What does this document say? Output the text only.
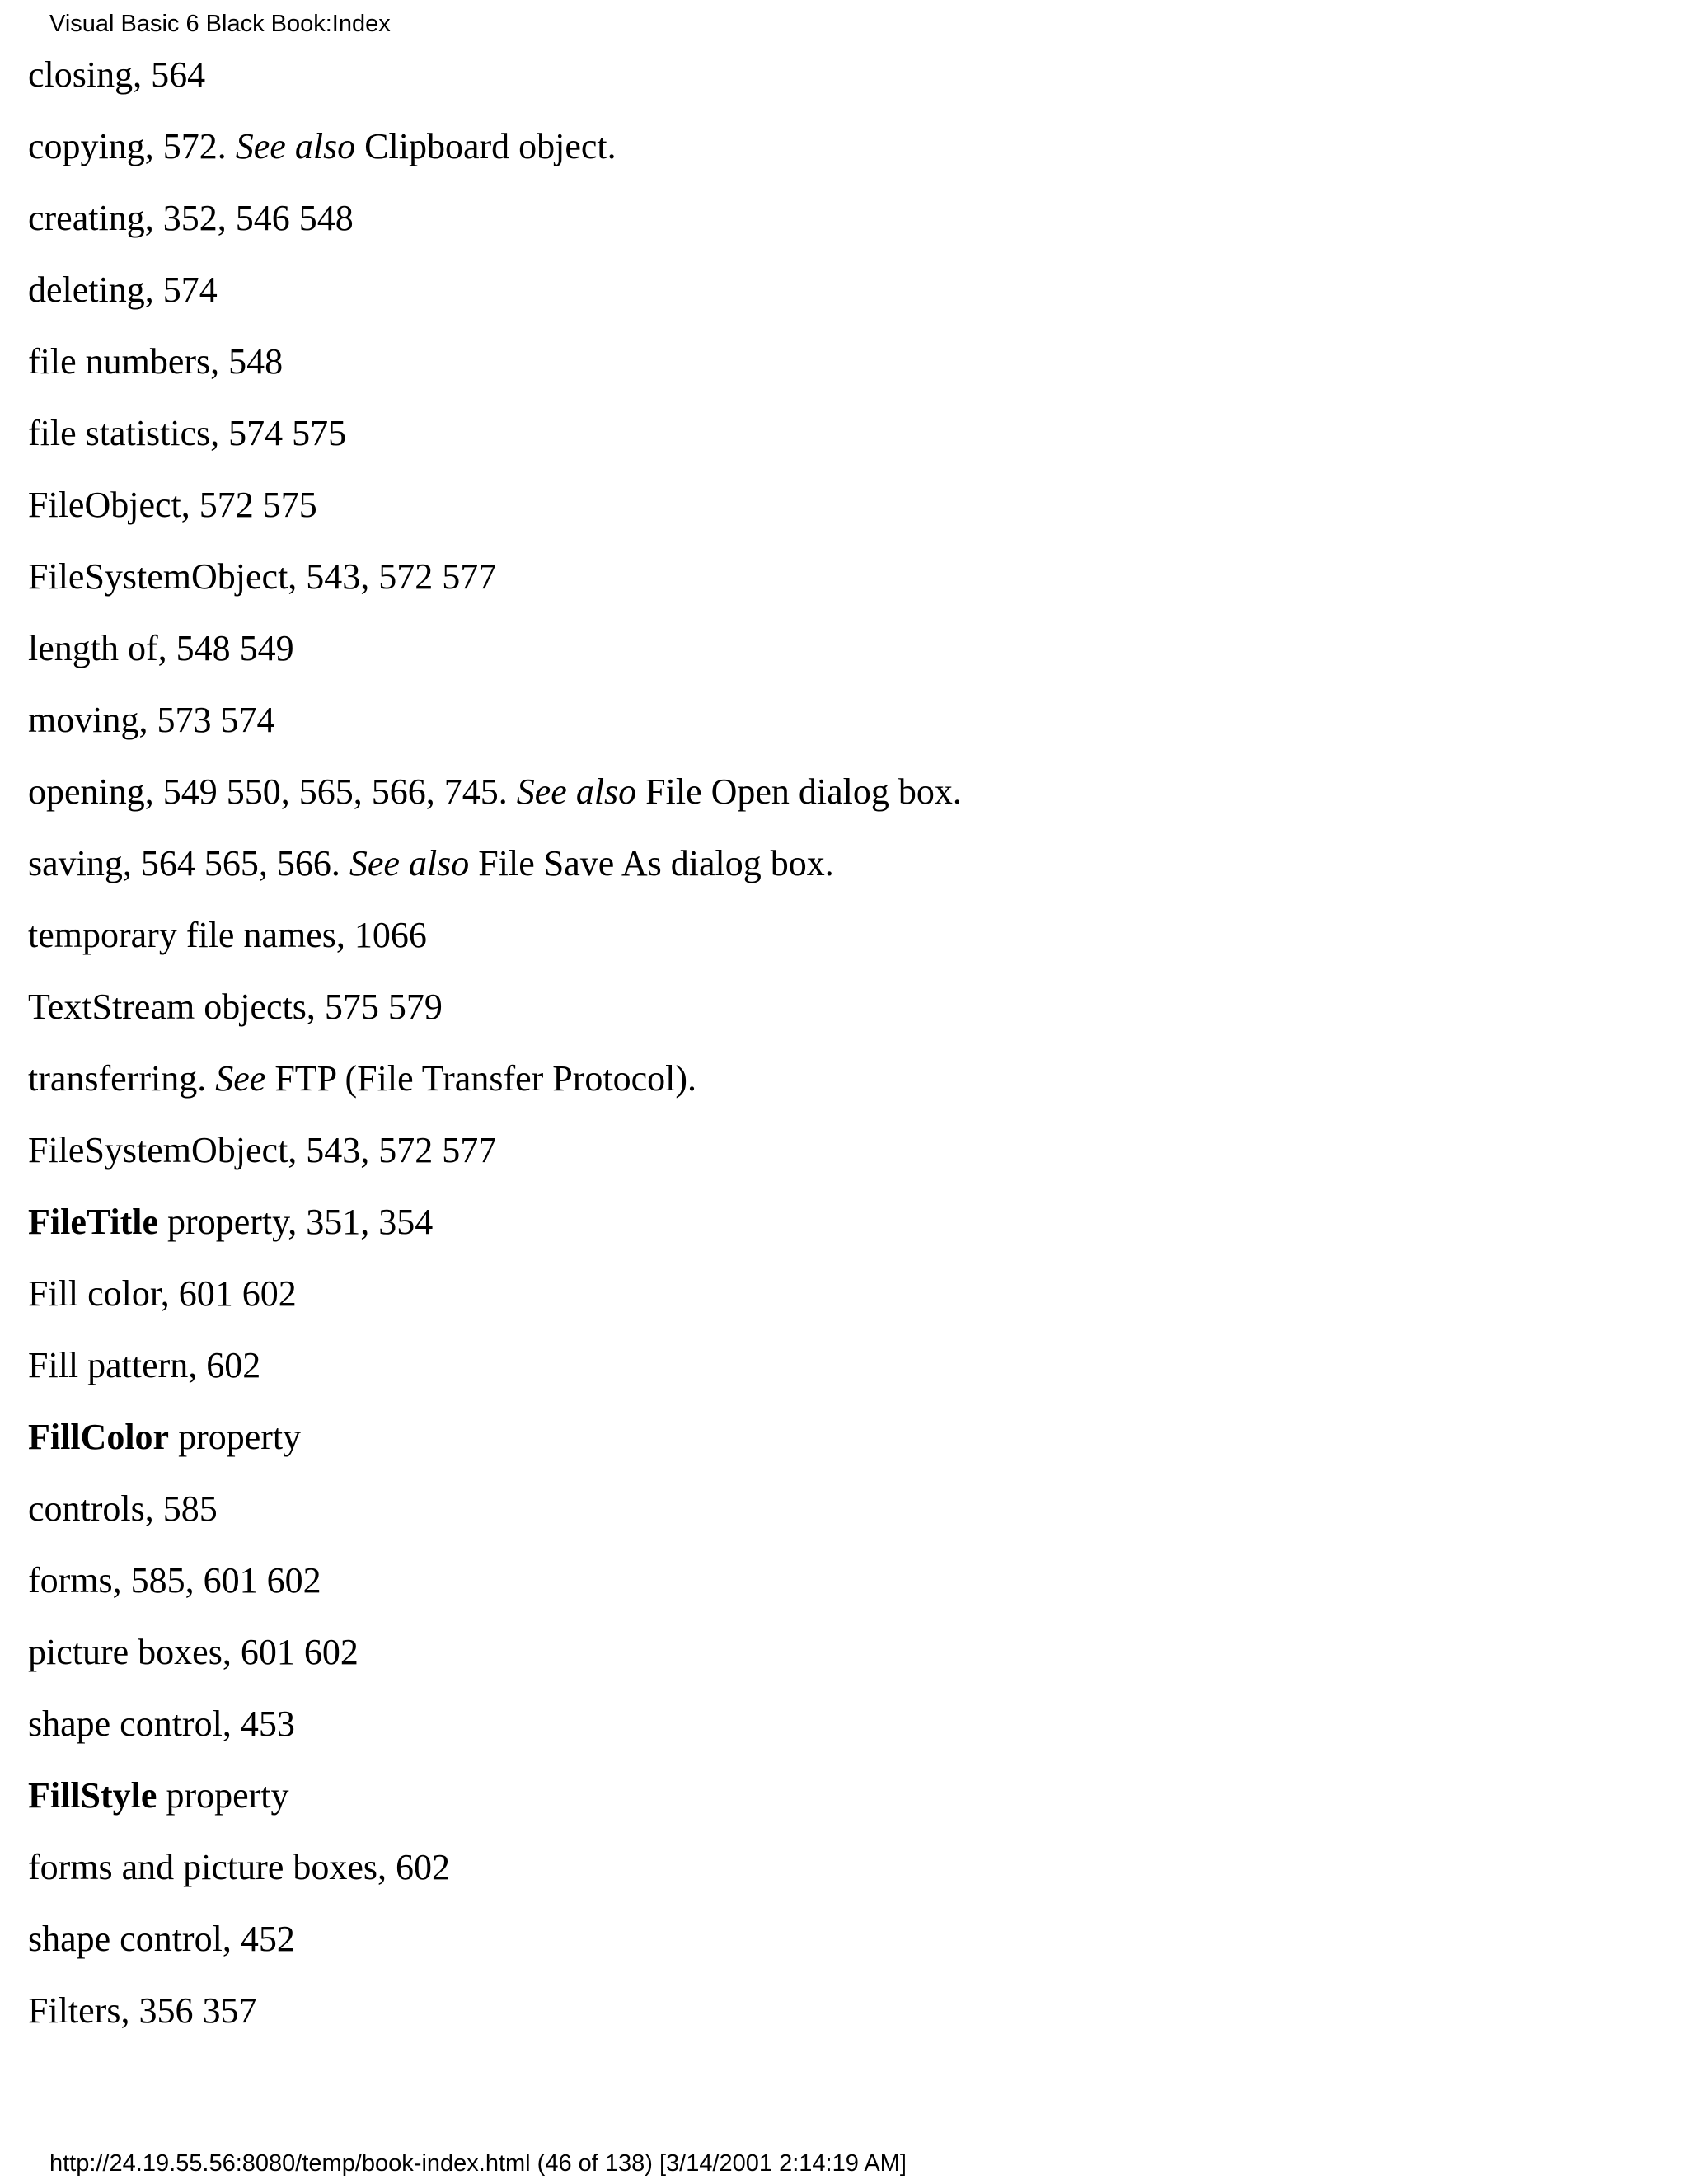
Visual Basic 6 Black Book:Index
closing, 564
copying, 572. See also Clipboard object.
creating, 352, 546 548
deleting, 574
file numbers, 548
file statistics, 574 575
FileObject, 572 575
FileSystemObject, 543, 572 577
length of, 548 549
moving, 573 574
opening, 549 550, 565, 566, 745. See also File Open dialog box.
saving, 564 565, 566. See also File Save As dialog box.
temporary file names, 1066
TextStream objects, 575 579
transferring. See FTP (File Transfer Protocol).
FileSystemObject, 543, 572 577
FileTitle property, 351, 354
Fill color, 601 602
Fill pattern, 602
FillColor property
controls, 585
forms, 585, 601 602
picture boxes, 601 602
shape control, 453
FillStyle property
forms and picture boxes, 602
shape control, 452
Filters, 356 357
http://24.19.55.56:8080/temp/book-index.html (46 of 138) [3/14/2001 2:14:19 AM]
